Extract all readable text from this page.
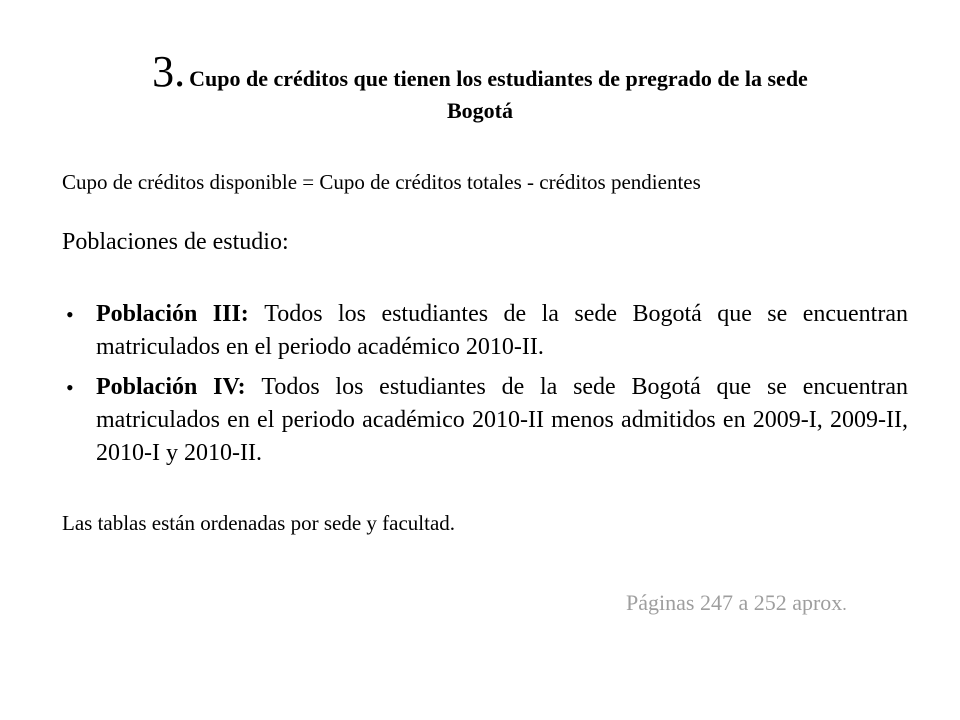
3. Cupo de créditos que tienen los estudiantes de pregrado de la sede
Bogotá
Cupo de créditos disponible = Cupo de créditos totales - créditos pendientes
Poblaciones de estudio:
• Población III: Todos los estudiantes de la sede Bogotá que se encuentran matriculados en el periodo académico 2010-II.
• Población IV: Todos los estudiantes de la sede Bogotá que se encuentran matriculados en el periodo académico 2010-II menos admitidos en 2009-I, 2009-II, 2010-I y 2010-II.
Las tablas están ordenadas por sede y facultad.
Páginas 247 a 252 aprox.
